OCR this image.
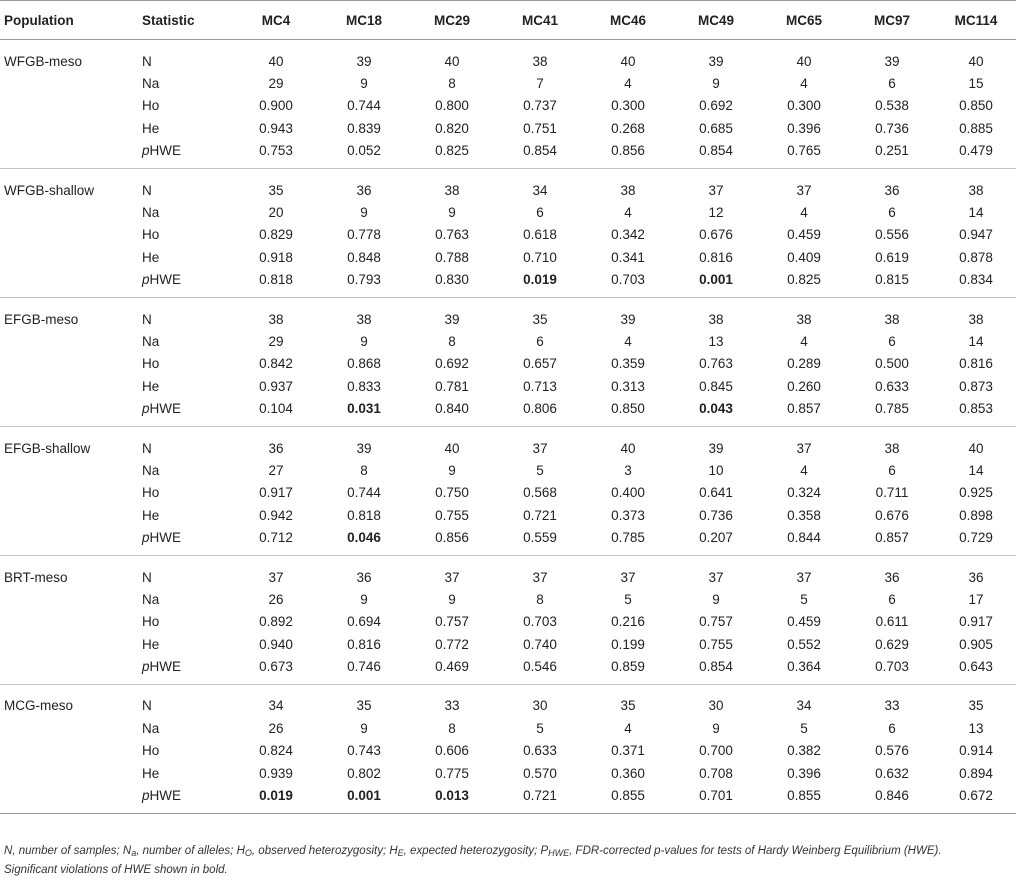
Population	Statistic	MC4	MC18	MC29	MC41	MC46	MC49	MC65	MC97	MC114
WFGB-meso	N	40	39	40	38	40	39	40	39	40
	Na	29	9	8	7	4	9	4	6	15
	Ho	0.900	0.744	0.800	0.737	0.300	0.692	0.300	0.538	0.850
	He	0.943	0.839	0.820	0.751	0.268	0.685	0.396	0.736	0.885
	pHWE	0.753	0.052	0.825	0.854	0.856	0.854	0.765	0.251	0.479
WFGB-shallow	N	35	36	38	34	38	37	37	36	38
	Na	20	9	9	6	4	12	4	6	14
	Ho	0.829	0.778	0.763	0.618	0.342	0.676	0.459	0.556	0.947
	He	0.918	0.848	0.788	0.710	0.341	0.816	0.409	0.619	0.878
	pHWE	0.818	0.793	0.830	0.019	0.703	0.001	0.825	0.815	0.834
EFGB-meso	N	38	38	39	35	39	38	38	38	38
	Na	29	9	8	6	4	13	4	6	14
	Ho	0.842	0.868	0.692	0.657	0.359	0.763	0.289	0.500	0.816
	He	0.937	0.833	0.781	0.713	0.313	0.845	0.260	0.633	0.873
	pHWE	0.104	0.031	0.840	0.806	0.850	0.043	0.857	0.785	0.853
EFGB-shallow	N	36	39	40	37	40	39	37	38	40
	Na	27	8	9	5	3	10	4	6	14
	Ho	0.917	0.744	0.750	0.568	0.400	0.641	0.324	0.711	0.925
	He	0.942	0.818	0.755	0.721	0.373	0.736	0.358	0.676	0.898
	pHWE	0.712	0.046	0.856	0.559	0.785	0.207	0.844	0.857	0.729
BRT-meso	N	37	36	37	37	37	37	37	36	36
	Na	26	9	9	8	5	9	5	6	17
	Ho	0.892	0.694	0.757	0.703	0.216	0.757	0.459	0.611	0.917
	He	0.940	0.816	0.772	0.740	0.199	0.755	0.552	0.629	0.905
	pHWE	0.673	0.746	0.469	0.546	0.859	0.854	0.364	0.703	0.643
MCG-meso	N	34	35	33	30	35	30	34	33	35
	Na	26	9	8	5	4	9	5	6	13
	Ho	0.824	0.743	0.606	0.633	0.371	0.700	0.382	0.576	0.914
	He	0.939	0.802	0.775	0.570	0.360	0.708	0.396	0.632	0.894
	pHWE	0.019	0.001	0.013	0.721	0.855	0.701	0.855	0.846	0.672
N, number of samples; $N_a$, number of alleles; $H_O$, observed heterozygosity; $H_E$, expected heterozygosity; $P_{HWE}$, FDR-corrected p-values for tests of Hardy Weinberg Equilibrium (HWE).
Significant violations of HWE shown in bold.
